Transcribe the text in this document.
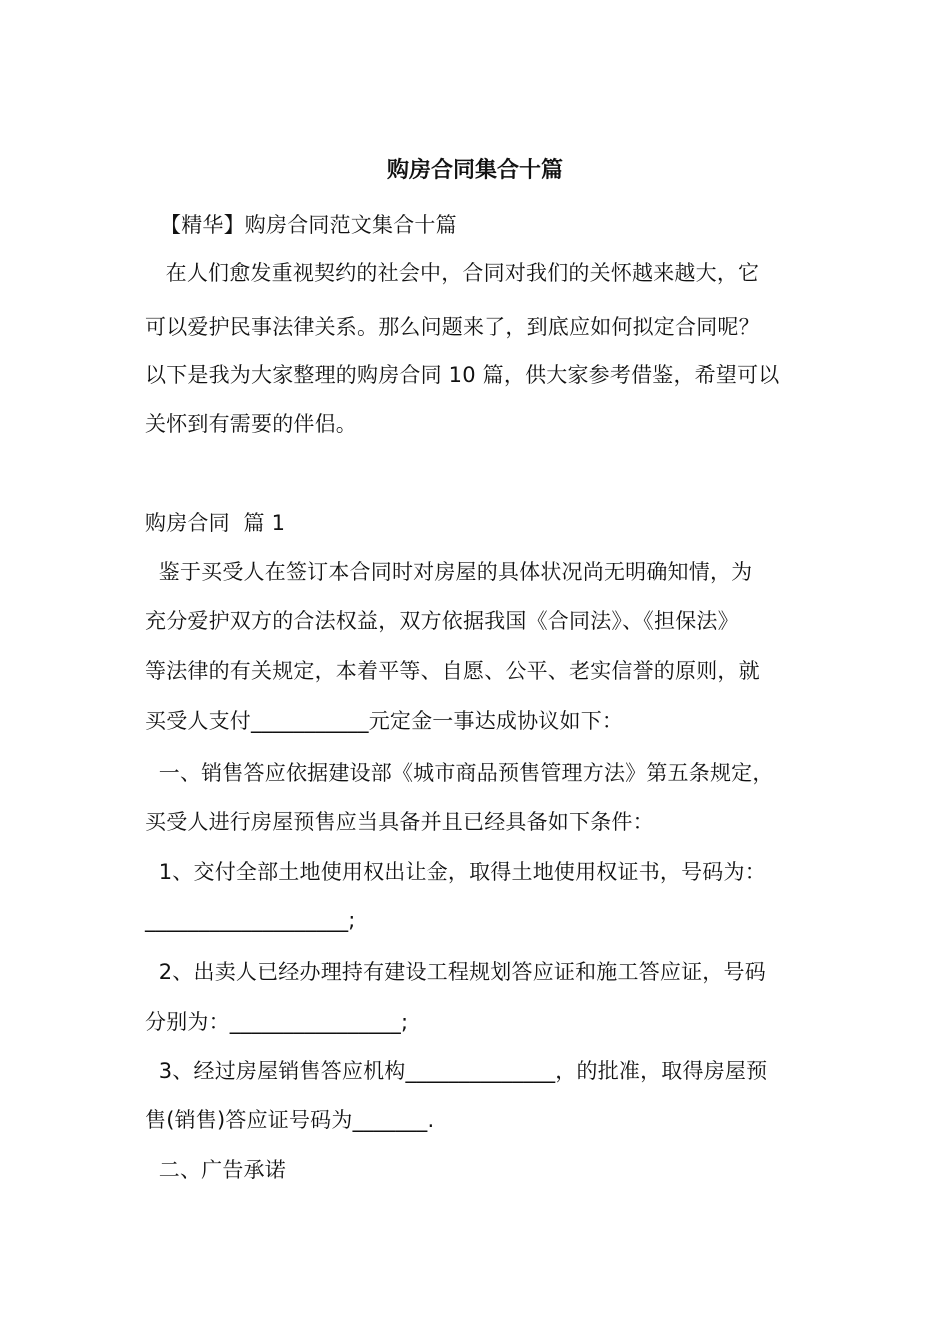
购房合同集合十篇
【精华】购房合同范文集合十篇
在人们愈发重视契约的社会中，合同对我们的关怀越来越大，它
可以爱护民事法律关系。那么问题来了，到底应如何拟定合同呢？
以下是我为大家整理的购房合同 10 篇，供大家参考借鉴，希望可以
关怀到有需要的伴侣。
购房合同  篇 1
鉴于买受人在签订本合同时对房屋的具体状况尚无明确知情，为
充分爱护双方的合法权益，双方依据我国《合同法》、《担保法》
等法律的有关规定，本着平等、自愿、公平、老实信誉的原则，就
买受人支付___________元定金一事达成协议如下：
一、销售答应依据建设部《城市商品预售管理方法》第五条规定，
买受人进行房屋预售应当具备并且已经具备如下条件：
1、交付全部土地使用权出让金，取得土地使用权证书，号码为：
___________________;
2、出卖人已经办理持有建设工程规划答应证和施工答应证，号码
分别为：________________;
3、经过房屋销售答应机构______________，的批准，取得房屋预
售(销售)答应证号码为_______.
二、广告承诺
